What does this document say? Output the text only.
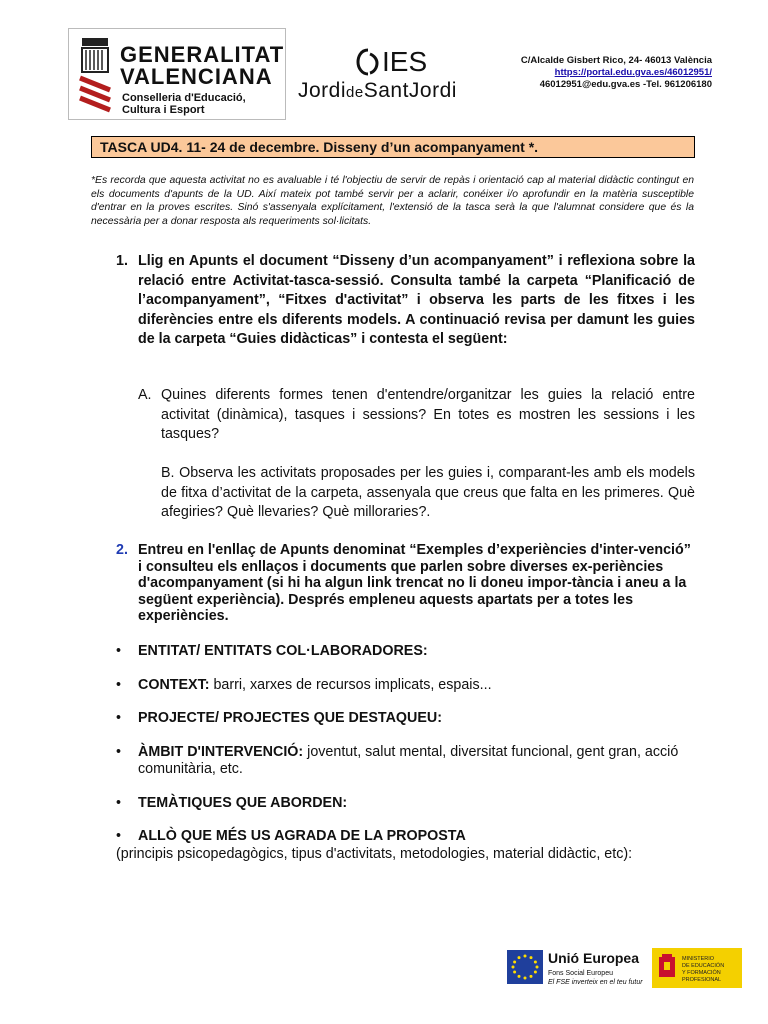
GENERALITAT
VALENCIANA
Conselleria d'Educació,
Cultura i Esport
IES
JordideSantJordi
C/Alcalde Gisbert Rico, 24- 46013 València
https://portal.edu.gva.es/46012951/
46012951@edu.gva.es -Tel. 961206180
TASCA UD4. 11- 24 de decembre. Disseny d’un acompanyament *.
*Es recorda que aquesta activitat no es avaluable i té l'objectiu de servir de repàs i orientació cap al material didàctic contingut en els documents d'apunts de la UD. Així mateix pot també servir per a aclarir, conéixer i/o aprofundir en la matèria susceptible d'entrar en la proves escrites. Sinó s'assenyala explícitament, l'extensió de la tasca serà la que l'alumnat considere que és la necessària per a donar resposta als requeriments sol·licitats.
1. Llig en Apunts el document “Disseny d’un acompanyament” i reflexiona sobre la relació entre Activitat-tasca-sessió. Consulta també la carpeta “Planificació de l’acompanyament”, “Fitxes d'activitat” i observa les parts de les fitxes i les diferències entre els diferents models. A continuació revisa per damunt les guies de la carpeta “Guies didàcticas” i contesta el següent:
A. Quines diferents formes tenen d'entendre/organitzar les guies la relació entre activitat (dinàmica), tasques i sessions? En totes es mostren les sessions i les tasques?
B. Observa les activitats proposades per les guies i, comparant-les amb els models de fitxa d’activitat de la carpeta, assenyala que creus que falta en les primeres. Què afegiries? Què llevaries? Què milloraries?.
2. Entreu en l'enllaç de Apunts denominat “Exemples d’experiències d'inter-venció” i consulteu els enllaços i documents que parlen sobre diverses ex-periències d'acompanyament (si hi ha algun link trencat no li doneu impor-tància i aneu a la següent experiència). Després empleneu aquests apartats per a totes les experiències.
• ENTITAT/ ENTITATS COL·LABORADORES:
• CONTEXT: barri, xarxes de recursos implicats, espais...
• PROJECTE/ PROJECTES QUE DESTAQUEU:
• ÀMBIT D'INTERVENCIÓ: joventut, salut mental, diversitat funcional, gent gran, acció comunitària, etc.
• TEMÀTIQUES QUE ABORDEN:
• ALLÒ QUE MÉS US AGRADA DE LA PROPOSTA
(principis psicopedagògics, tipus d'activitats, metodologies, material didàctic, etc):
Unió Europea
Fons Social Europeu
El FSE inverteix en el teu futur
MINISTERIO
DE EDUCACIÓN
Y FORMACIÓN PROFESIONAL
